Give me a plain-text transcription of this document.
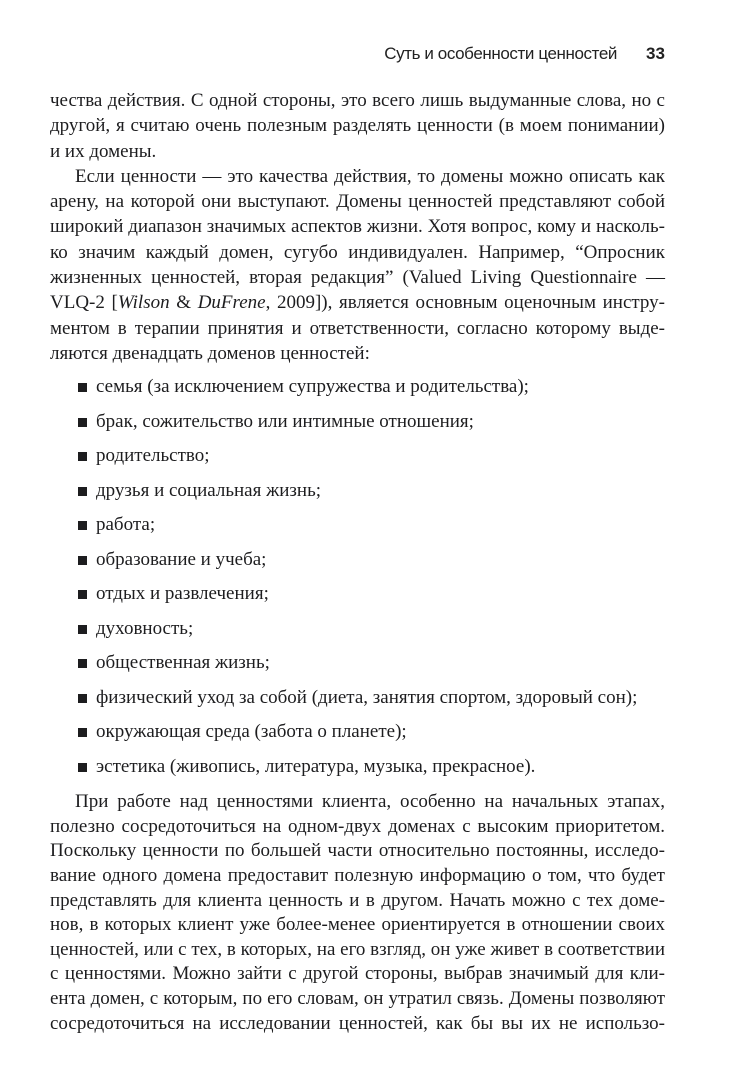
Суть и особенности ценностей 33
чества действия. С одной стороны, это всего лишь выдуманные слова, но с
другой, я считаю очень полезным разделять ценности (в моем понимании)
и их домены.
Если ценности — это качества действия, то домены можно описать как
арену, на которой они выступают. Домены ценностей представляют собой
широкий диапазон значимых аспектов жизни. Хотя вопрос, кому и насколь-
ко значим каждый домен, сугубо индивидуален. Например, “Опросник
жизненных ценностей, вторая редакция” (Valued Living Questionnaire —
VLQ-2 [Wilson & DuFrene, 2009]), является основным оценочным инстру-
ментом в терапии принятия и ответственности, согласно которому выде-
ляются двенадцать доменов ценностей:
семья (за исключением супружества и родительства);
брак, сожительство или интимные отношения;
родительство;
друзья и социальная жизнь;
работа;
образование и учеба;
отдых и развлечения;
духовность;
общественная жизнь;
физический уход за собой (диета, занятия спортом, здоровый сон);
окружающая среда (забота о планете);
эстетика (живопись, литература, музыка, прекрасное).
При работе над ценностями клиента, особенно на начальных этапах,
полезно сосредоточиться на одном-двух доменах с высоким приоритетом.
Поскольку ценности по большей части относительно постоянны, исследо-
вание одного домена предоставит полезную информацию о том, что будет
представлять для клиента ценность и в другом. Начать можно с тех доме-
нов, в которых клиент уже более-менее ориентируется в отношении своих
ценностей, или с тех, в которых, на его взгляд, он уже живет в соответствии
с ценностями. Можно зайти с другой стороны, выбрав значимый для кли-
ента домен, с которым, по его словам, он утратил связь. Домены позволяют
сосредоточиться на исследовании ценностей, как бы вы их не использо-
